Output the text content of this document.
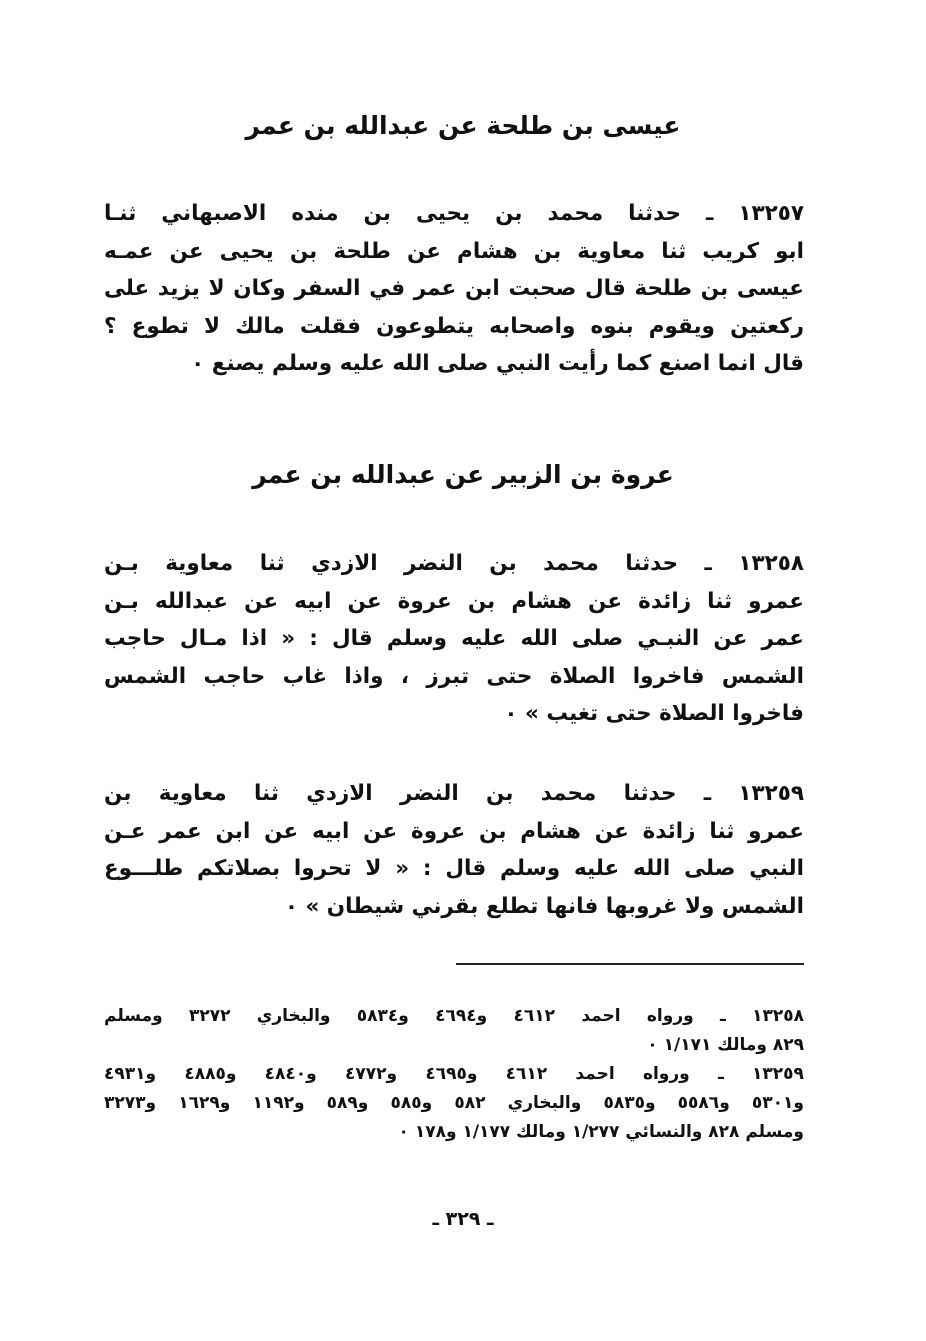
عيسى بن طلحة عن عبدالله بن عمر
١٣٢٥٧ ـ حدثنا محمد بن يحيى بن منده الاصبهاني ثنـا
ابو كريب ثنا معاوية بن هشام عن طلحة بن يحيى عن عمـه
عيسى بن طلحة قال صحبت ابن عمر في السفر وكان لا يزيد على
ركعتين ويقوم بنوه واصحابه يتطوعون فقلت مالك لا تطوع ؟
قال انما اصنع كما رأيت النبي صلى الله عليه وسلم يصنع ٠
عروة بن الزبير عن عبدالله بن عمر
١٣٢٥٨ ـ حدثنا محمد بن النضر الازدي ثنا معاوية بـن
عمرو ثنا زائدة عن هشام بن عروة عن ابيه عن عبدالله بـن
عمر عن النبـي صلى الله عليه وسلم قال : « اذا مـال حاجب
الشمس فاخروا الصلاة حتى تبرز ، واذا غاب حاجب الشمس
فاخروا الصلاة حتى تغيب » ٠
١٣٢٥٩ ـ حدثنا محمد بن النضر الازدي ثنا معاوية بن
عمرو ثنا زائدة عن هشام بن عروة عن ابيه عن ابن عمر عـن
النبي صلى الله عليه وسلم قال : « لا تحروا بصلاتكم طلـــوع
الشمس ولا غروبها فانها تطلع بقرني شيطان » ٠
١٣٢٥٨ ـ ورواه احمد ٤٦١٢ و٤٦٩٤ و٥٨٣٤ والبخاري ٣٢٧٢ ومسلم
٨٢٩ ومالك ١/١٧١ ٠
١٣٢٥٩ ـ ورواه احمد ٤٦١٢ و٤٦٩٥ و٤٧٧٢ و٤٨٤٠ و٤٨٨٥ و٤٩٣١
و٥٣٠١ و٥٥٨٦ و٥٨٣٥ والبخاري ٥٨٢ و٥٨٥ و٥٨٩ و١١٩٢ و١٦٢٩ و٣٢٧٣
ومسلم ٨٢٨ والنسائي ١/٢٧٧ ومالك ١/١٧٧ و١٧٨ ٠
ـ ٣٢٩ ـ
